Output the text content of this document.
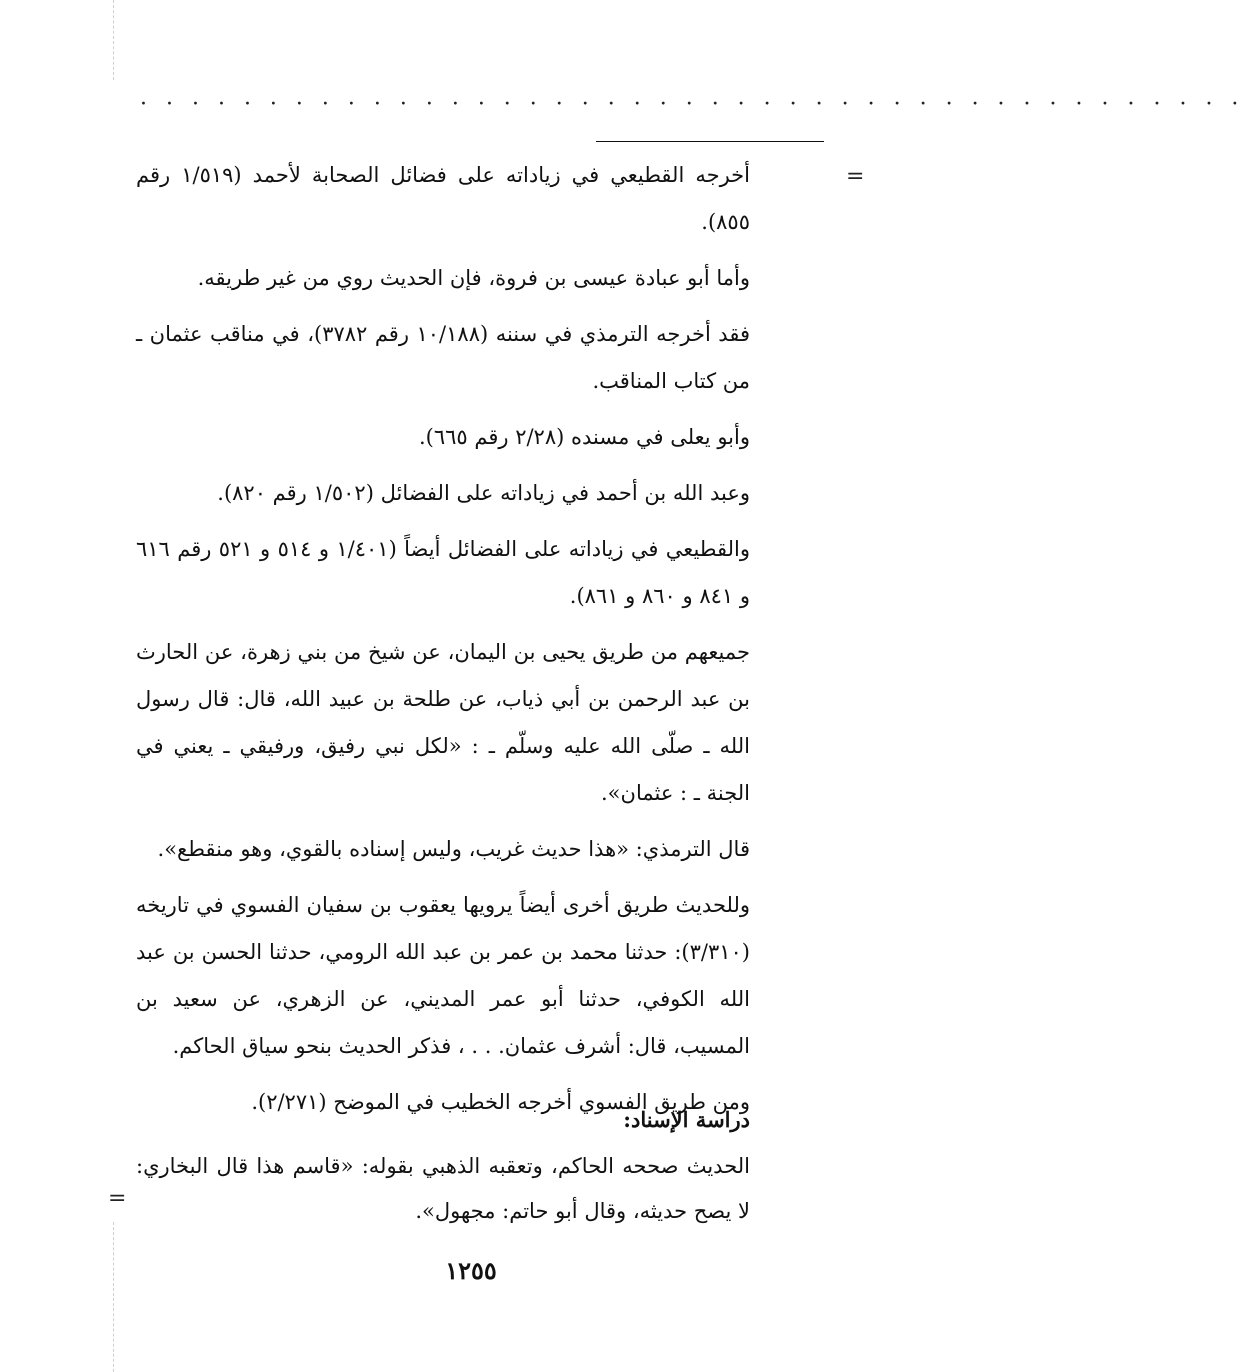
· · · · · · · · · · · · · · · · · · · · · · · · · · · · · · · · · · · · · · · · · · ·
=

أخرجه القطيعي في زياداته على فضائل الصحابة لأحمد (١/٥١٩ رقم ٨٥٥).

وأما أبو عبادة عيسى بن فروة، فإن الحديث روي من غير طريقه.

فقد أخرجه الترمذي في سننه (١٠/١٨٨ رقم ٣٧٨٢)، في مناقب عثمان ـ من كتاب المناقب.

وأبو يعلى في مسنده (٢/٢٨ رقم ٦٦٥).

وعبد الله بن أحمد في زياداته على الفضائل (١/٥٠٢ رقم ٨٢٠).

والقطيعي في زياداته على الفضائل أيضاً (١/٤٠١ و ٥١٤ و ٥٢١ رقم ٦١٦ و ٨٤١ و ٨٦٠ و ٨٦١).

جميعهم من طريق يحيى بن اليمان، عن شيخ من بني زهرة، عن الحارث بن عبد الرحمن بن أبي ذياب، عن طلحة بن عبيد الله، قال: قال رسول الله ـ صلّى الله عليه وسلّم ـ : «لكل نبي رفيق، ورفيقي ـ يعني في الجنة ـ : عثمان».

قال الترمذي: «هذا حديث غريب، وليس إسناده بالقوي، وهو منقطع».

وللحديث طريق أخرى أيضاً يرويها يعقوب بن سفيان الفسوي في تاريخه (٣/٣١٠): حدثنا محمد بن عمر بن عبد الله الرومي، حدثنا الحسن بن عبد الله الكوفي، حدثنا أبو عمر المديني، عن الزهري، عن سعيد بن المسيب، قال: أشرف عثمان. . . ، فذكر الحديث بنحو سياق الحاكم.

ومن طريق الفسوي أخرجه الخطيب في الموضح (٢/٢٧١).

دراسة الإسناد:

الحديث صححه الحاكم، وتعقبه الذهبي بقوله: «قاسم هذا قال البخاري: لا يصح حديثه، وقال أبو حاتم: مجهول».

=
١٢٥٥
